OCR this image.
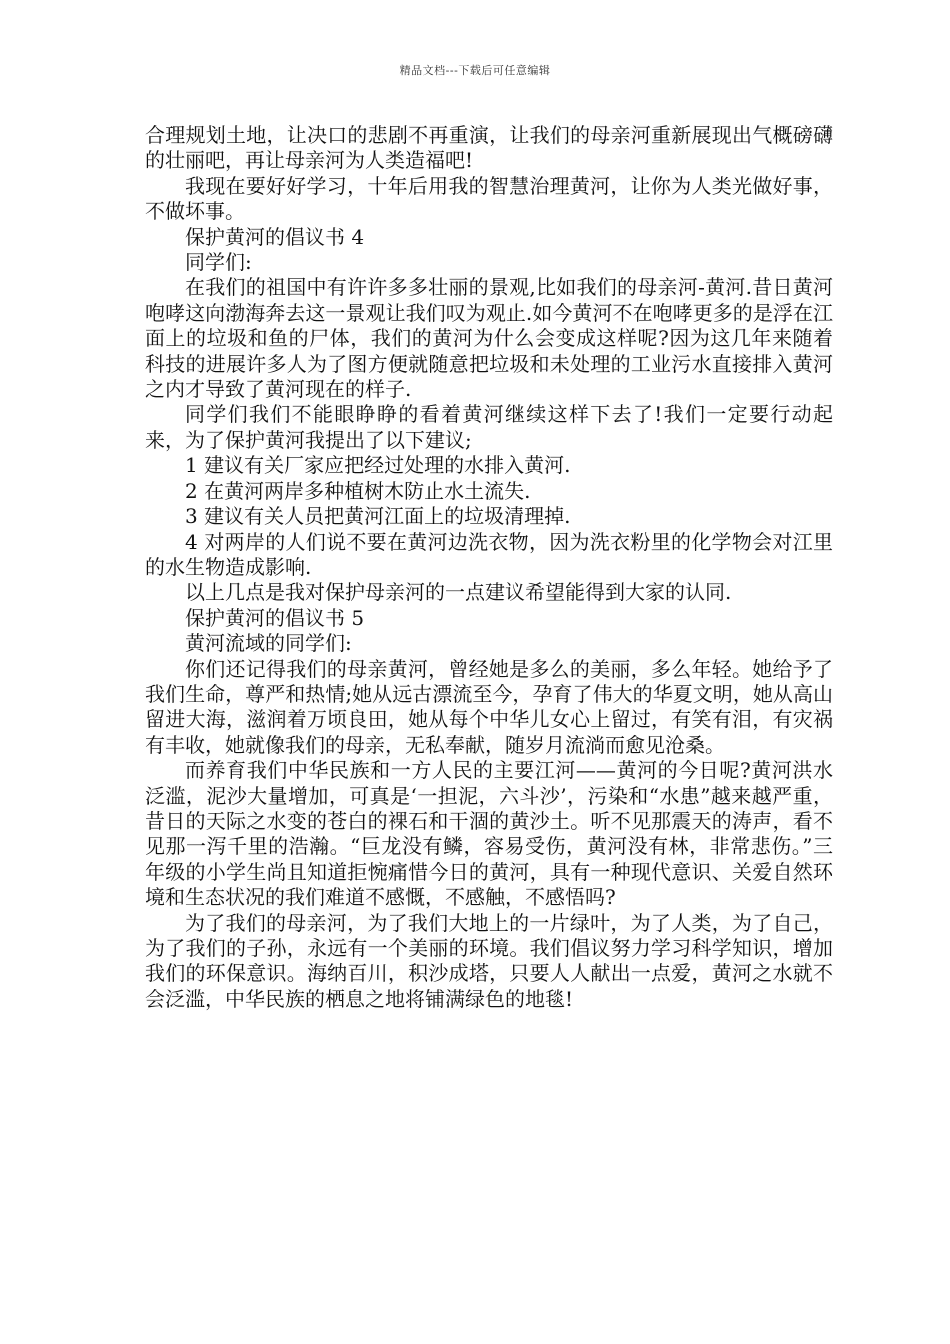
精品文档---下载后可任意编辑

合理规划土地，让决口的悲剧不再重演，让我们的母亲河重新展现出气概磅礴的壮丽吧，再让母亲河为人类造福吧!

我现在要好好学习，十年后用我的智慧治理黄河，让你为人类光做好事，不做坏事。

保护黄河的倡议书 4

同学们:

在我们的祖国中有许许多多壮丽的景观,比如我们的母亲河-黄河.昔日黄河咆哮这向渤海奔去这一景观让我们叹为观止.如今黄河不在咆哮更多的是浮在江面上的垃圾和鱼的尸体，我们的黄河为什么会变成这样呢?因为这几年来随着科技的进展许多人为了图方便就随意把垃圾和未处理的工业污水直接排入黄河之内才导致了黄河现在的样子.

同学们我们不能眼睁睁的看着黄河继续这样下去了!我们一定要行动起来，为了保护黄河我提出了以下建议;

1 建议有关厂家应把经过处理的水排入黄河.

2 在黄河两岸多种植树木防止水土流失.

3 建议有关人员把黄河江面上的垃圾清理掉.

4 对两岸的人们说不要在黄河边洗衣物，因为洗衣粉里的化学物会对江里的水生物造成影响.

以上几点是我对保护母亲河的一点建议希望能得到大家的认同.

保护黄河的倡议书 5

黄河流域的同学们:

你们还记得我们的母亲黄河，曾经她是多么的美丽，多么年轻。她给予了我们生命，尊严和热情;她从远古漂流至今，孕育了伟大的华夏文明，她从高山留进大海，滋润着万顷良田，她从每个中华儿女心上留过，有笑有泪，有灾祸有丰收，她就像我们的母亲，无私奉献，随岁月流淌而愈见沧桑。

而养育我们中华民族和一方人民的主要江河——黄河的今日呢?黄河洪水泛滥，泥沙大量增加，可真是‘一担泥，六斗沙’，污染和“水患”越来越严重，昔日的天际之水变的苍白的裸石和干涸的黄沙土。听不见那震天的涛声，看不见那一泻千里的浩瀚。“巨龙没有鳞，容易受伤，黄河没有林，非常悲伤。”三年级的小学生尚且知道拒惋痛惜今日的黄河，具有一种现代意识、关爱自然环境和生态状况的我们难道不感慨，不感触，不感悟吗?

为了我们的母亲河，为了我们大地上的一片绿叶，为了人类，为了自己，为了我们的子孙，永远有一个美丽的环境。我们倡议努力学习科学知识，增加我们的环保意识。海纳百川，积沙成塔，只要人人献出一点爱，黄河之水就不会泛滥，中华民族的栖息之地将铺满绿色的地毯!
